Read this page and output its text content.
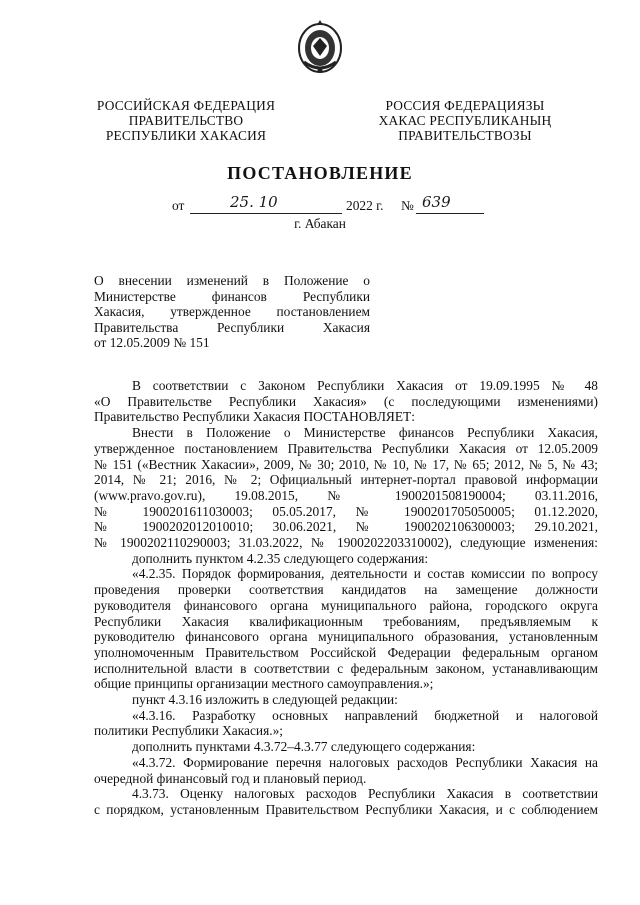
РОССИЙСКАЯ ФЕДЕРАЦИЯ
ПРАВИТЕЛЬСТВО
РЕСПУБЛИКИ ХАКАСИЯ
РОССИЯ ФЕДЕРАЦИЯЗЫ
ХАКАС РЕСПУБЛИКАНЫҢ
ПРАВИТЕЛЬСТВОЗЫ
ПОСТАНОВЛЕНИЕ
от	25. 10	2022 г. № 639
г. Абакан
О внесении изменений в Положение о
Министерстве финансов Республики
Хакасия, утвержденное постановлением
Правительства Республики Хакасия
от 12.05.2009 № 151
В соответствии с Законом Республики Хакасия от 19.09.1995 № 48
«О Правительстве Республики Хакасия» (с последующими изменениями)
Правительство Республики Хакасия ПОСТАНОВЛЯЕТ:
Внести в Положение о Министерстве финансов Республики Хакасия,
утвержденное постановлением Правительства Республики Хакасия от 12.05.2009
№ 151 («Вестник Хакасии», 2009, № 30; 2010, № 10, № 17, № 65; 2012, № 5, № 43;
2014, № 21; 2016, № 2; Официальный интернет-портал правовой информации
(www.pravo.gov.ru), 19.08.2015, № 1900201508190004; 03.11.2016,
№ 1900201611030003; 05.05.2017, № 1900201705050005; 01.12.2020,
№ 1900202012010010; 30.06.2021, № 1900202106300003; 29.10.2021,
№ 1900202110290003; 31.03.2022, № 1900202203310002), следующие изменения:
дополнить пунктом 4.2.35 следующего содержания:
«4.2.35. Порядок формирования, деятельности и состав комиссии по вопросу
проведения проверки соответствия кандидатов на замещение должности
руководителя финансового органа муниципального района, городского округа
Республики Хакасия квалификационным требованиям, предъявляемым к
руководителю финансового органа муниципального образования, установленным
уполномоченным Правительством Российской Федерации федеральным органом
исполнительной власти в соответствии с федеральным законом, устанавливающим
общие принципы организации местного самоуправления.»;
пункт 4.3.16 изложить в следующей редакции:
«4.3.16. Разработку основных направлений бюджетной и налоговой
политики Республики Хакасия.»;
дополнить пунктами 4.3.72–4.3.77 следующего содержания:
«4.3.72. Формирование перечня налоговых расходов Республики Хакасия на
очередной финансовый год и плановый период.
4.3.73. Оценку налоговых расходов Республики Хакасия в соответствии
с порядком, установленным Правительством Республики Хакасия, и с соблюдением
